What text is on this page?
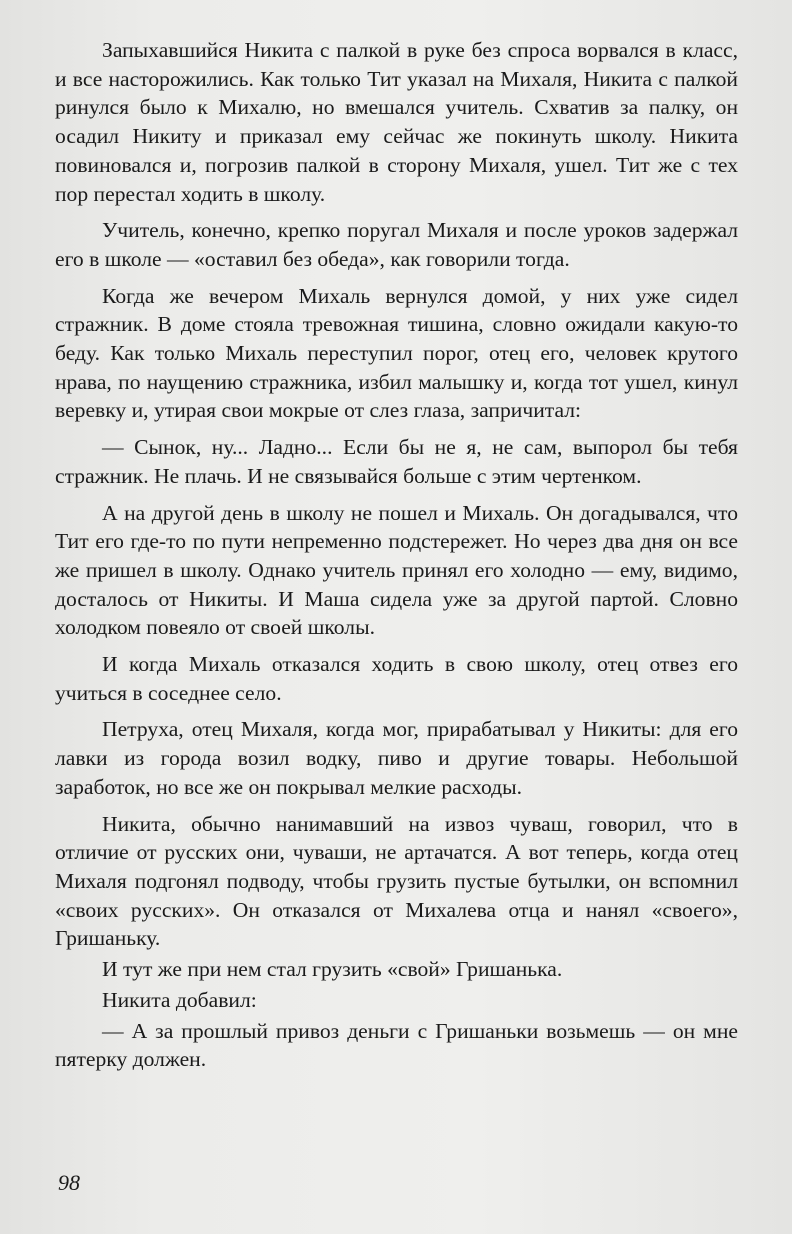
Запыхавшийся Никита с палкой в руке без спроса ворвался в класс, и все насторожились. Как только Тит указал на Михаля, Никита с палкой ринулся было к Михалю, но вмешался учитель. Схватив за палку, он осадил Никиту и приказал ему сейчас же покинуть школу. Никита повиновался и, погрозив палкой в сторону Михаля, ушел. Тит же с тех пор перестал ходить в школу.

Учитель, конечно, крепко поругал Михаля и после уроков задержал его в школе — «оставил без обеда», как говорили тогда.

Когда же вечером Михаль вернулся домой, у них уже сидел стражник. В доме стояла тревожная тишина, словно ожидали какую-то беду. Как только Михаль переступил порог, отец его, человек крутого нрава, по наущению стражника, избил малышку и, когда тот ушел, кинул веревку и, утирая свои мокрые от слез глаза, запричитал:

— Сынок, ну... Ладно... Если бы не я, не сам, выпорол бы тебя стражник. Не плачь. И не связывайся больше с этим чертенком.

А на другой день в школу не пошел и Михаль. Он догадывался, что Тит его где-то по пути непременно подстережет. Но через два дня он все же пришел в школу. Однако учитель принял его холодно — ему, видимо, досталось от Никиты. И Маша сидела уже за другой партой. Словно холодком повеяло от своей школы.

И когда Михаль отказался ходить в свою школу, отец отвез его учиться в соседнее село.

Петруха, отец Михаля, когда мог, прирабатывал у Никиты: для его лавки из города возил водку, пиво и другие товары. Небольшой заработок, но все же он покрывал мелкие расходы.

Никита, обычно нанимавший на извоз чуваш, говорил, что в отличие от русских они, чуваши, не артачатся. А вот теперь, когда отец Михаля подгонял подводу, чтобы грузить пустые бутылки, он вспомнил «своих русских». Он отказался от Михалева отца и нанял «своего», Гришаньку.

И тут же при нем стал грузить «свой» Гришанька.

Никита добавил:

— А за прошлый привоз деньги с Гришаньки возьмешь — он мне пятерку должен.

98
